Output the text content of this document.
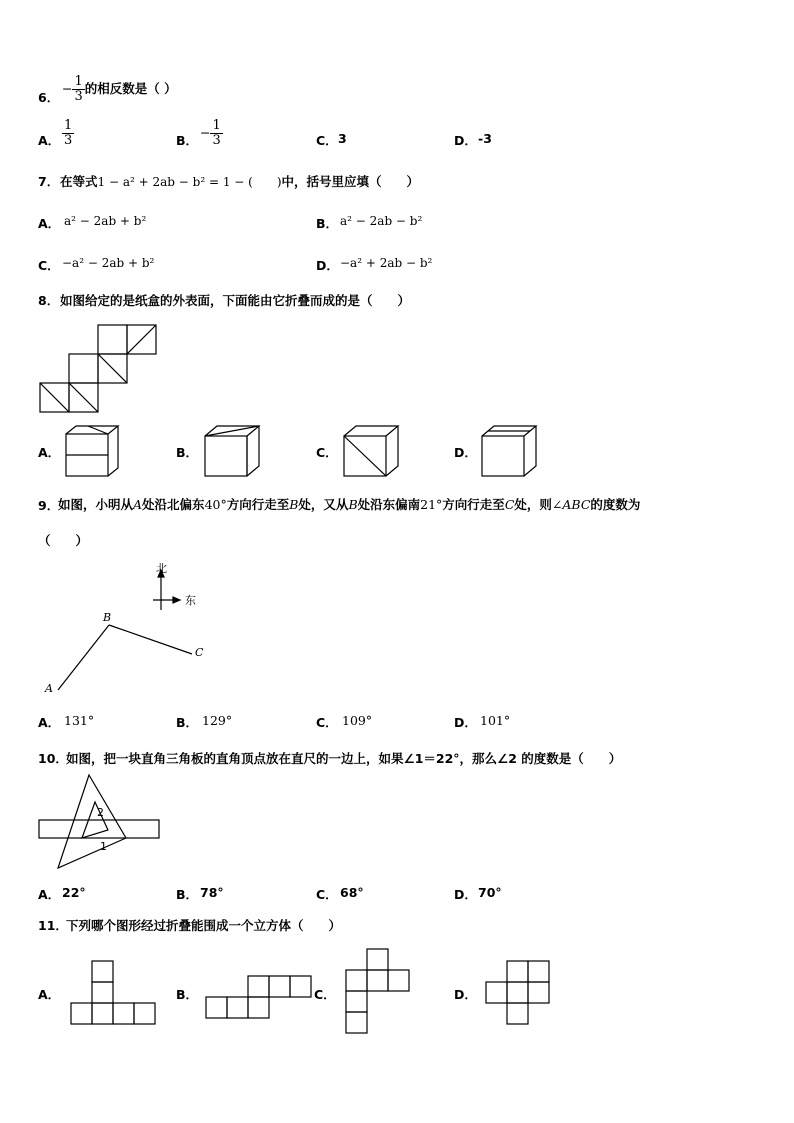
6．
− $\frac{1}{3}$ 的相反数是（ ）
A． $\frac{1}{3}$	B．
− $\frac{1}{3}$	C． 3	D． -3
7． 在等式1 − a² + 2ab − b² = 1 − (　　)中，括号里应填（　　）
A． a² − 2ab + b²	B． a² − 2ab − b²
C． −a² − 2ab + b²	D． −a² + 2ab − b²
8． 如图给定的是纸盒的外表面，下面能由它折叠而成的是（　　）
A．	B．	C．	D．
9．
如图，小明从A处沿北偏东40°方向行走至B处，又从B处沿东偏南21°方向行走至C处，则∠ABC的度数为
（　　）
北
东
B
C
A
A． 131°	B． 129°	C． 109°	D． 101°
10．
如图，把一块直角三角板的直角顶点放在直尺的一边上，如果∠1＝22°，那么∠2 的度数是（　　）
2
1
A． 22°	B． 78°	C． 68°	D． 70°
11．
下列哪个图形经过折叠能围成一个立方体（　　）
A．	B．	C．	D．
